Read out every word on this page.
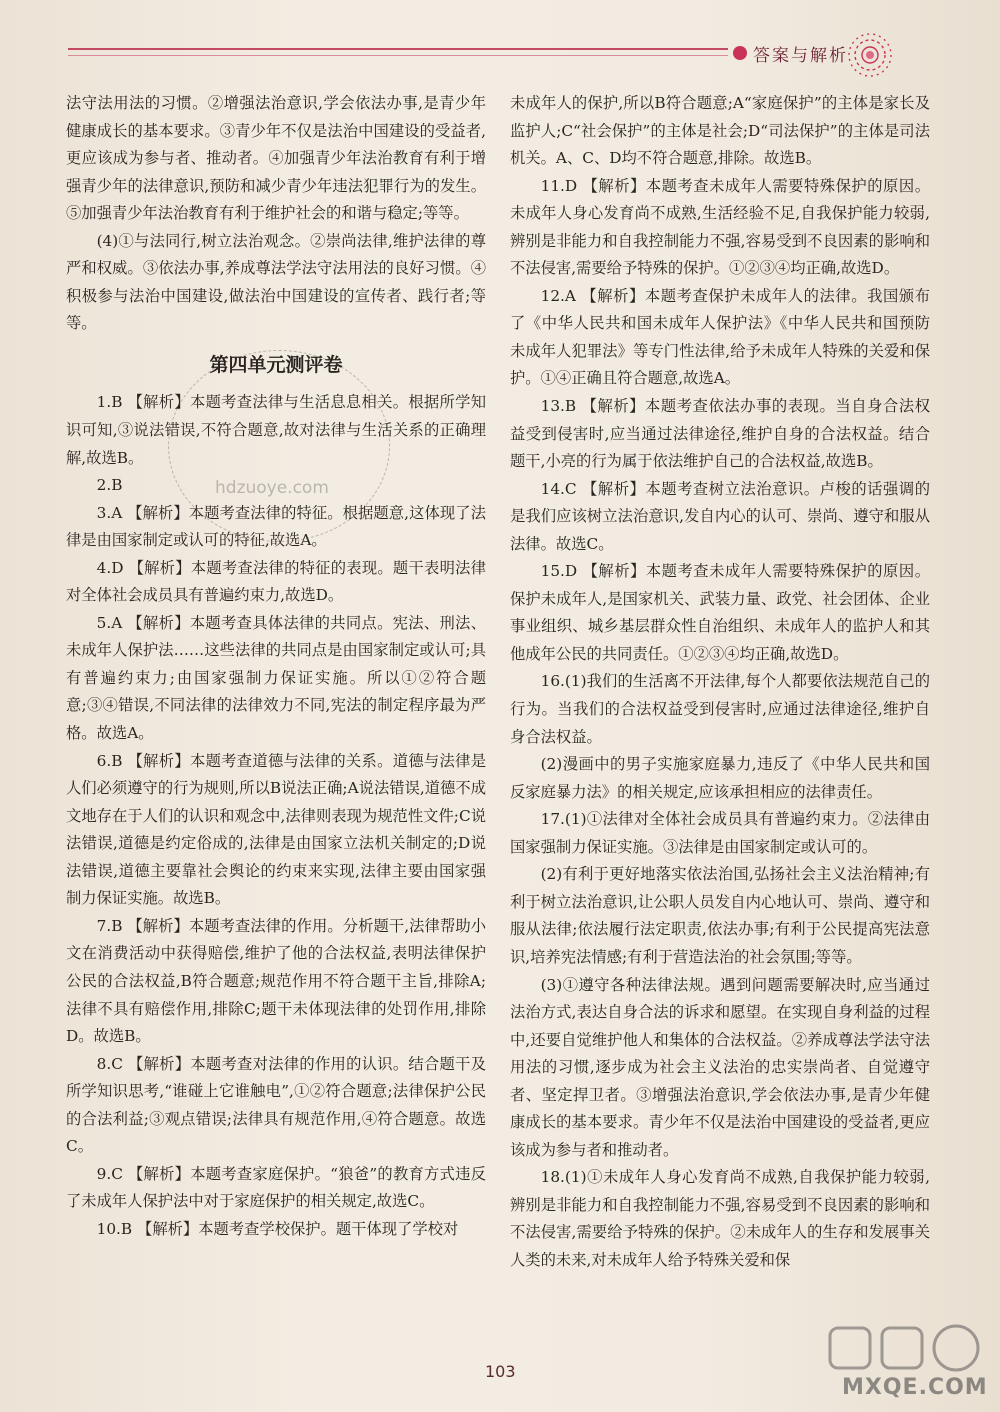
答案与解析

法守法用法的习惯。②增强法治意识,学会依法办事,是青少年健康成长的基本要求。③青少年不仅是法治中国建设的受益者,更应该成为参与者、推动者。④加强青少年法治教育有利于增强青少年的法律意识,预防和减少青少年违法犯罪行为的发生。⑤加强青少年法治教育有利于维护社会的和谐与稳定;等等。

(4)①与法同行,树立法治观念。②崇尚法律,维护法律的尊严和权威。③依法办事,养成尊法学法守法用法的良好习惯。④积极参与法治中国建设,做法治中国建设的宣传者、践行者;等等。

第四单元测评卷

1.B 【解析】本题考查法律与生活息息相关。根据所学知识可知,③说法错误,不符合题意,故对法律与生活关系的正确理解,故选B。

2.B

3.A 【解析】本题考查法律的特征。根据题意,这体现了法律是由国家制定或认可的特征,故选A。

4.D 【解析】本题考查法律的特征的表现。题干表明法律对全体社会成员具有普遍约束力,故选D。

5.A 【解析】本题考查具体法律的共同点。宪法、刑法、未成年人保护法……这些法律的共同点是由国家制定或认可;具有普遍约束力;由国家强制力保证实施。所以①②符合题意;③④错误,不同法律的法律效力不同,宪法的制定程序最为严格。故选A。

6.B 【解析】本题考查道德与法律的关系。道德与法律是人们必须遵守的行为规则,所以B说法正确;A说法错误,道德不成文地存在于人们的认识和观念中,法律则表现为规范性文件;C说法错误,道德是约定俗成的,法律是由国家立法机关制定的;D说法错误,道德主要靠社会舆论的约束来实现,法律主要由国家强制力保证实施。故选B。

7.B 【解析】本题考查法律的作用。分析题干,法律帮助小文在消费活动中获得赔偿,维护了他的合法权益,表明法律保护公民的合法权益,B符合题意;规范作用不符合题干主旨,排除A;法律不具有赔偿作用,排除C;题干未体现法律的处罚作用,排除D。故选B。

8.C 【解析】本题考查对法律的作用的认识。结合题干及所学知识思考,“谁碰上它谁触电”,①②符合题意;法律保护公民的合法利益;③观点错误;法律具有规范作用,④符合题意。故选C。

9.C 【解析】本题考查家庭保护。“狼爸”的教育方式违反了未成年人保护法中对于家庭保护的相关规定,故选C。

10.B 【解析】本题考查学校保护。题干体现了学校对

未成年人的保护,所以B符合题意;A“家庭保护”的主体是家长及监护人;C“社会保护”的主体是社会;D“司法保护”的主体是司法机关。A、C、D均不符合题意,排除。故选B。

11.D 【解析】本题考查未成年人需要特殊保护的原因。未成年人身心发育尚不成熟,生活经验不足,自我保护能力较弱,辨别是非能力和自我控制能力不强,容易受到不良因素的影响和不法侵害,需要给予特殊的保护。①②③④均正确,故选D。

12.A 【解析】本题考查保护未成年人的法律。我国颁布了《中华人民共和国未成年人保护法》《中华人民共和国预防未成年人犯罪法》等专门性法律,给予未成年人特殊的关爱和保护。①④正确且符合题意,故选A。

13.B 【解析】本题考查依法办事的表现。当自身合法权益受到侵害时,应当通过法律途径,维护自身的合法权益。结合题干,小亮的行为属于依法维护自己的合法权益,故选B。

14.C 【解析】本题考查树立法治意识。卢梭的话强调的是我们应该树立法治意识,发自内心的认可、崇尚、遵守和服从法律。故选C。

15.D 【解析】本题考查未成年人需要特殊保护的原因。保护未成年人,是国家机关、武装力量、政党、社会团体、企业事业组织、城乡基层群众性自治组织、未成年人的监护人和其他成年公民的共同责任。①②③④均正确,故选D。

16.(1)我们的生活离不开法律,每个人都要依法规范自己的行为。当我们的合法权益受到侵害时,应通过法律途径,维护自身合法权益。

(2)漫画中的男子实施家庭暴力,违反了《中华人民共和国反家庭暴力法》的相关规定,应该承担相应的法律责任。

17.(1)①法律对全体社会成员具有普遍约束力。②法律由国家强制力保证实施。③法律是由国家制定或认可的。

(2)有利于更好地落实依法治国,弘扬社会主义法治精神;有利于树立法治意识,让公职人员发自内心地认可、崇尚、遵守和服从法律;依法履行法定职责,依法办事;有利于公民提高宪法意识,培养宪法情感;有利于营造法治的社会氛围;等等。

(3)①遵守各种法律法规。遇到问题需要解决时,应当通过法治方式,表达自身合法的诉求和愿望。在实现自身利益的过程中,还要自觉维护他人和集体的合法权益。②养成尊法学法守法用法的习惯,逐步成为社会主义法治的忠实崇尚者、自觉遵守者、坚定捍卫者。③增强法治意识,学会依法办事,是青少年健康成长的基本要求。青少年不仅是法治中国建设的受益者,更应该成为参与者和推动者。

18.(1)①未成年人身心发育尚不成熟,自我保护能力较弱,辨别是非能力和自我控制能力不强,容易受到不良因素的影响和不法侵害,需要给予特殊的保护。②未成年人的生存和发展事关人类的未来,对未成年人给予特殊关爱和保

hdzuoye.com
103
MXQE.COM
